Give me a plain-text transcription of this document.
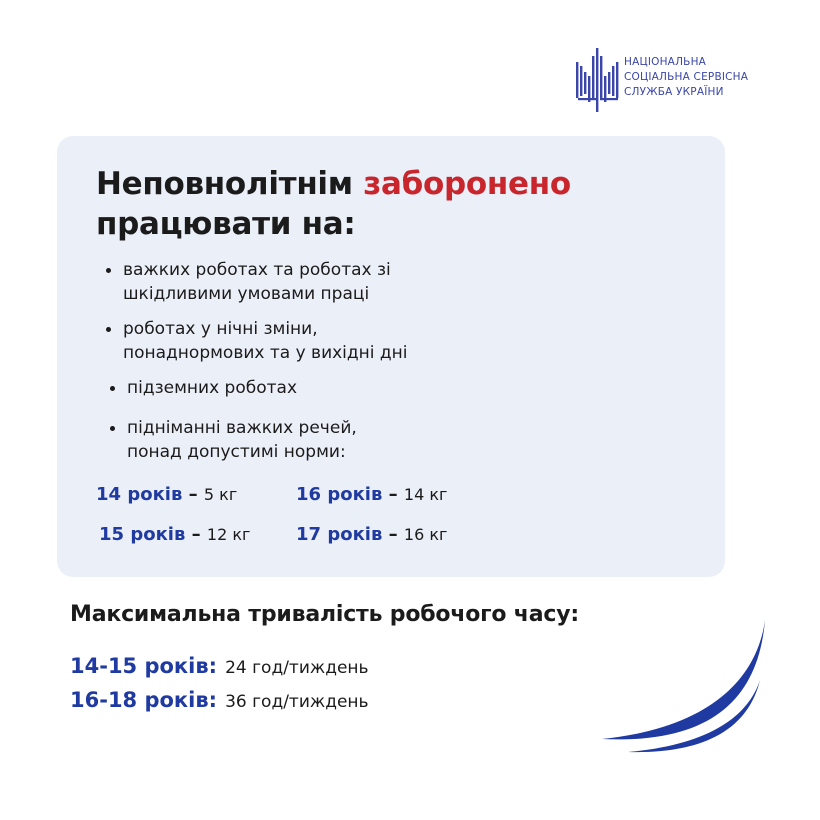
НАЦІОНАЛЬНА
СОЦІАЛЬНА СЕРВІСНА
СЛУЖБА УКРАЇНИ
Неповнолітнім заборонено
працювати на:
важких роботах та роботах зі
шкідливими умовами праці
роботах у нічні зміни,
понаднормових та у вихідні дні
підземних роботах
підніманні важких речей,
понад допустимі норми:
14 років – 5 кг	16 років – 14 кг
15 років – 12 кг	17 років – 16 кг
Максимальна тривалість робочого часу:
14-15 років: 24 год/тиждень
16-18 років: 36 год/тиждень
